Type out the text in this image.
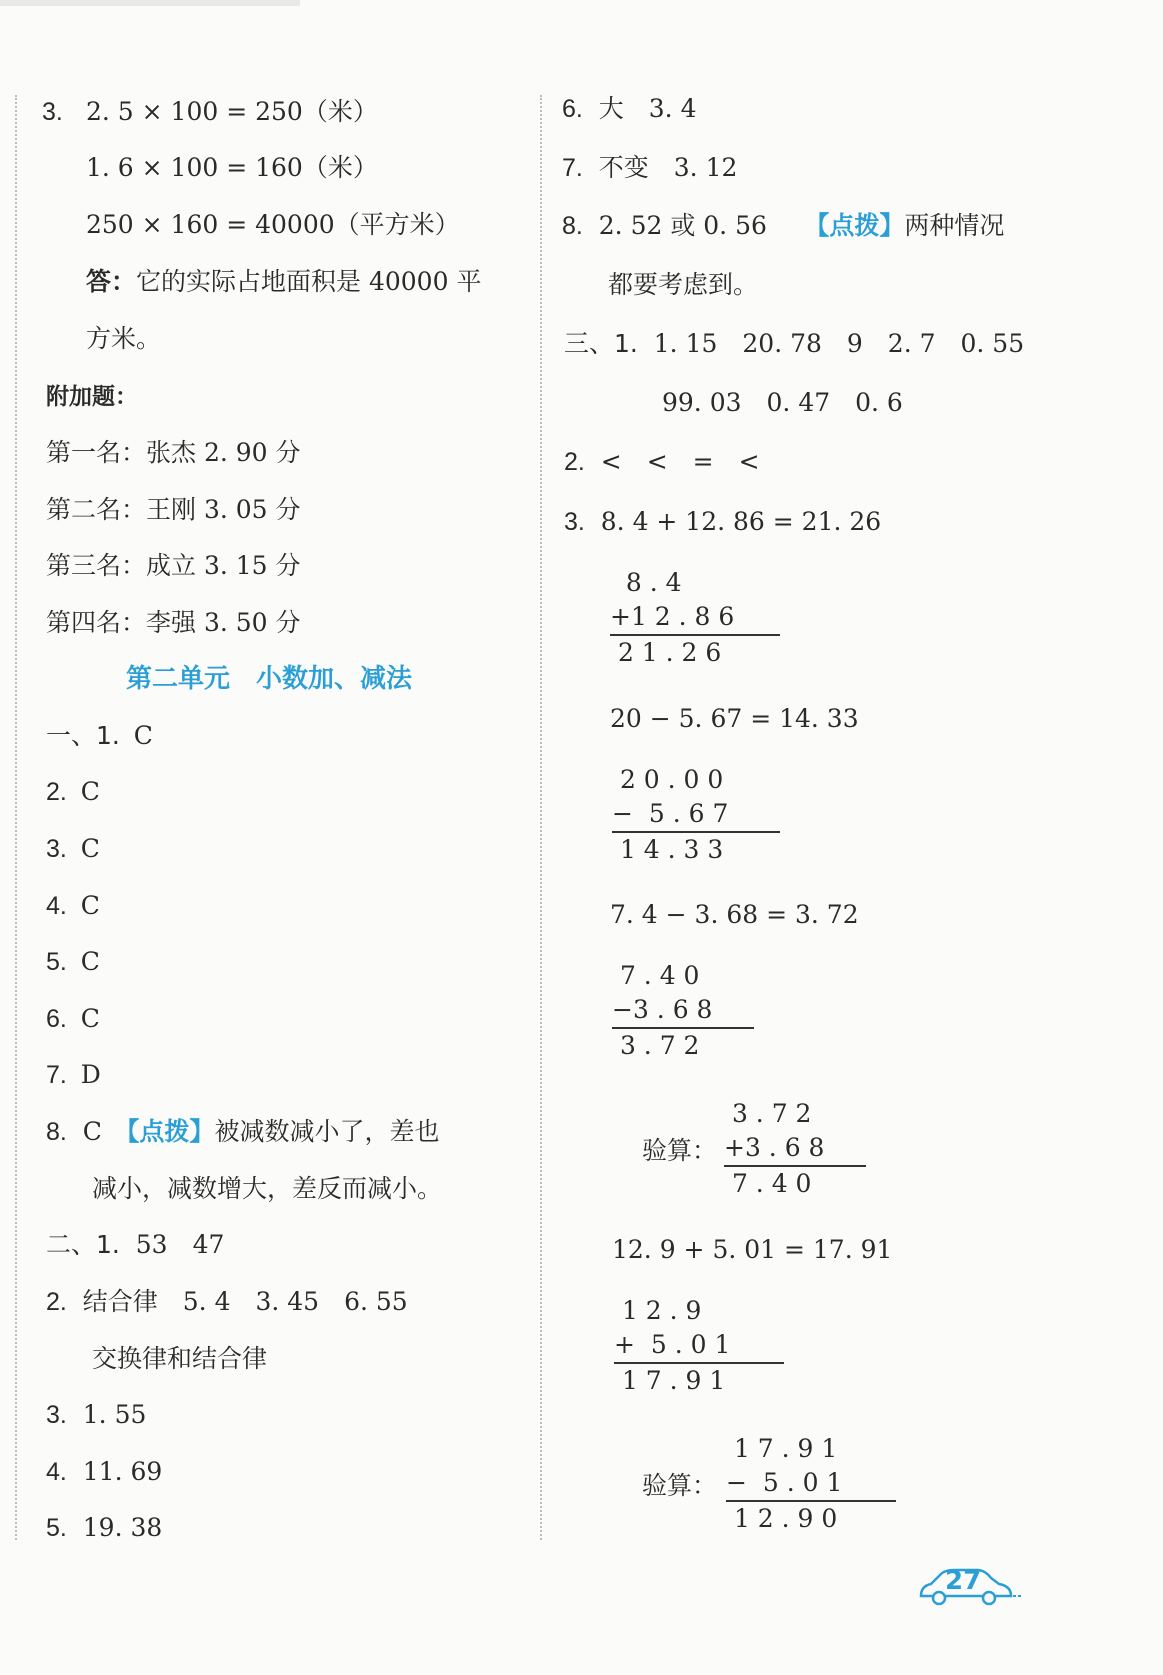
3. 2. 5 × 100 = 250（米）
1. 6 × 100 = 160（米）
250 × 160 = 40000（平方米）
答：它的实际占地面积是 40000 平
方米。
附加题：
第一名：张杰 2. 90 分
第二名：王刚 3. 05 分
第三名：成立 3. 15 分
第四名：李强 3. 50 分
第二单元　小数加、减法
一、1. C
2. C
3. C
4. C
5. C
6. C
7. D
8. C　 【点拨】被减数减小了，差也
减小，减数增大，差反而减小。
二、1. 53　47
2. 结合律　5. 4　3. 45　6. 55
交换律和结合律
3. 1. 55
4. 11. 69
5. 19. 38
6. 大　3. 4
7. 不变　3. 12
8. 2. 52 或 0. 56　　 【点拨】两种情况
都要考虑到。
三、1. 1. 15　20. 78　9　2. 7　0. 55
99. 03　0. 47　0. 6
2. <　<　=　<
3. 8. 4 + 12. 86 = 21. 26
8 . 4
+1 2 . 8 6
2 1 . 2 6
20 − 5. 67 = 14. 33
2 0 . 0 0
−  5 . 6 7
1 4 . 3 3
7. 4 − 3. 68 = 3. 72
7 . 4 0
−3 . 6 8
3 . 7 2
验算：
3 . 7 2
+3 . 6 8
7 . 4 0
12. 9 + 5. 01 = 17. 91
1 2 . 9
+  5 . 0 1
1 7 . 9 1
验算：
1 7 . 9 1
−  5 . 0 1
1 2 . 9 0
27
